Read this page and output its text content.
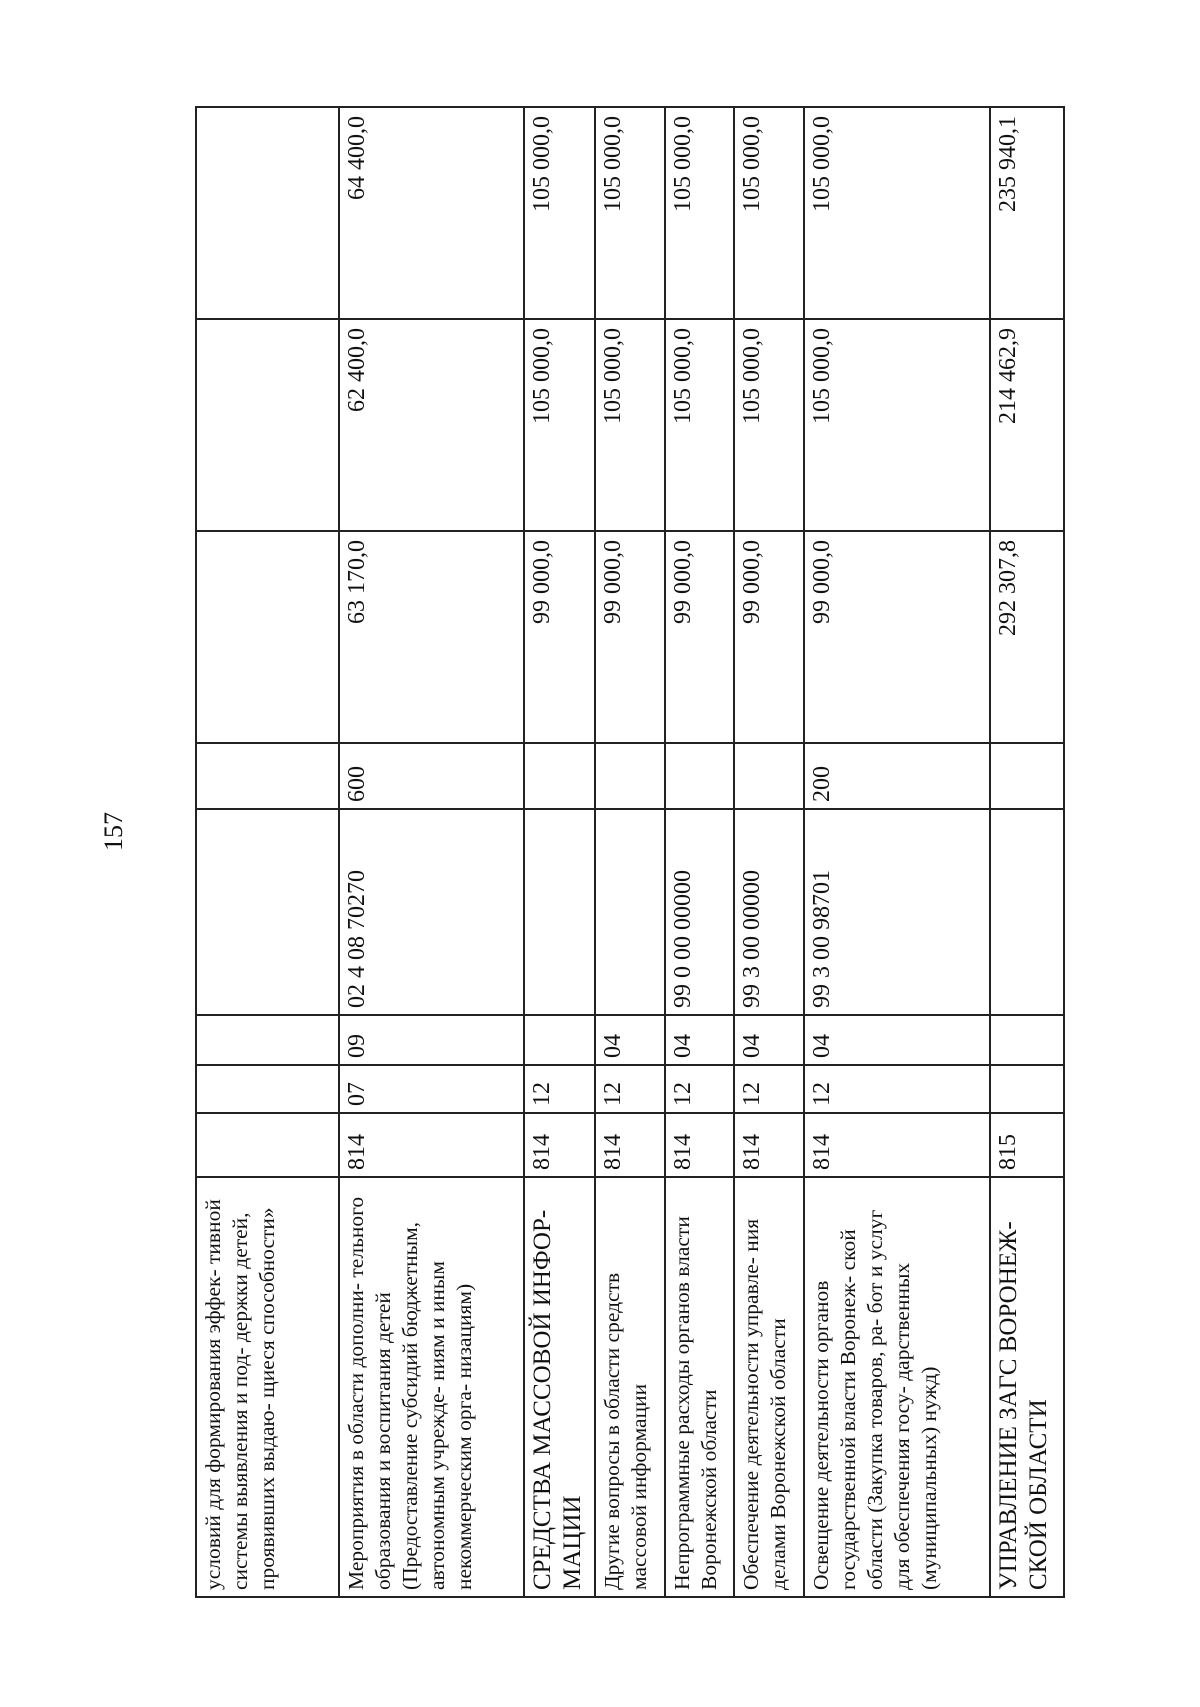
157
условий для формирования эффек- тивной системы выявления и под- держки детей, проявивших выдаю- щиеся способности»								
Мероприятия в области дополни- тельного образования и воспитания детей (Предоставление субсидий бюджетным, автономным учрежде- ниям и иным некоммерческим орга- низациям)	814	07	09	02 4 08 70270	600	63 170,0	62 400,0	64 400,0
СРЕДСТВА МАССОВОЙ ИНФОР- МАЦИИ	814	12				99 000,0	105 000,0	105 000,0
Другие вопросы в области средств массовой информации	814	12	04			99 000,0	105 000,0	105 000,0
Непрограммные расходы органов власти Воронежской области	814	12	04	99 0 00 00000		99 000,0	105 000,0	105 000,0
Обеспечение деятельности управле- ния делами Воронежской области	814	12	04	99 3 00 00000		99 000,0	105 000,0	105 000,0
Освещение деятельности органов государственной власти Воронеж- ской области (Закупка товаров, ра- бот и услуг для обеспечения госу- дарственных (муниципальных) нужд)	814	12	04	99 3 00 98701	200	99 000,0	105 000,0	105 000,0
УПРАВЛЕНИЕ ЗАГС ВОРОНЕЖ- СКОЙ ОБЛАСТИ	815					292 307,8	214 462,9	235 940,1
